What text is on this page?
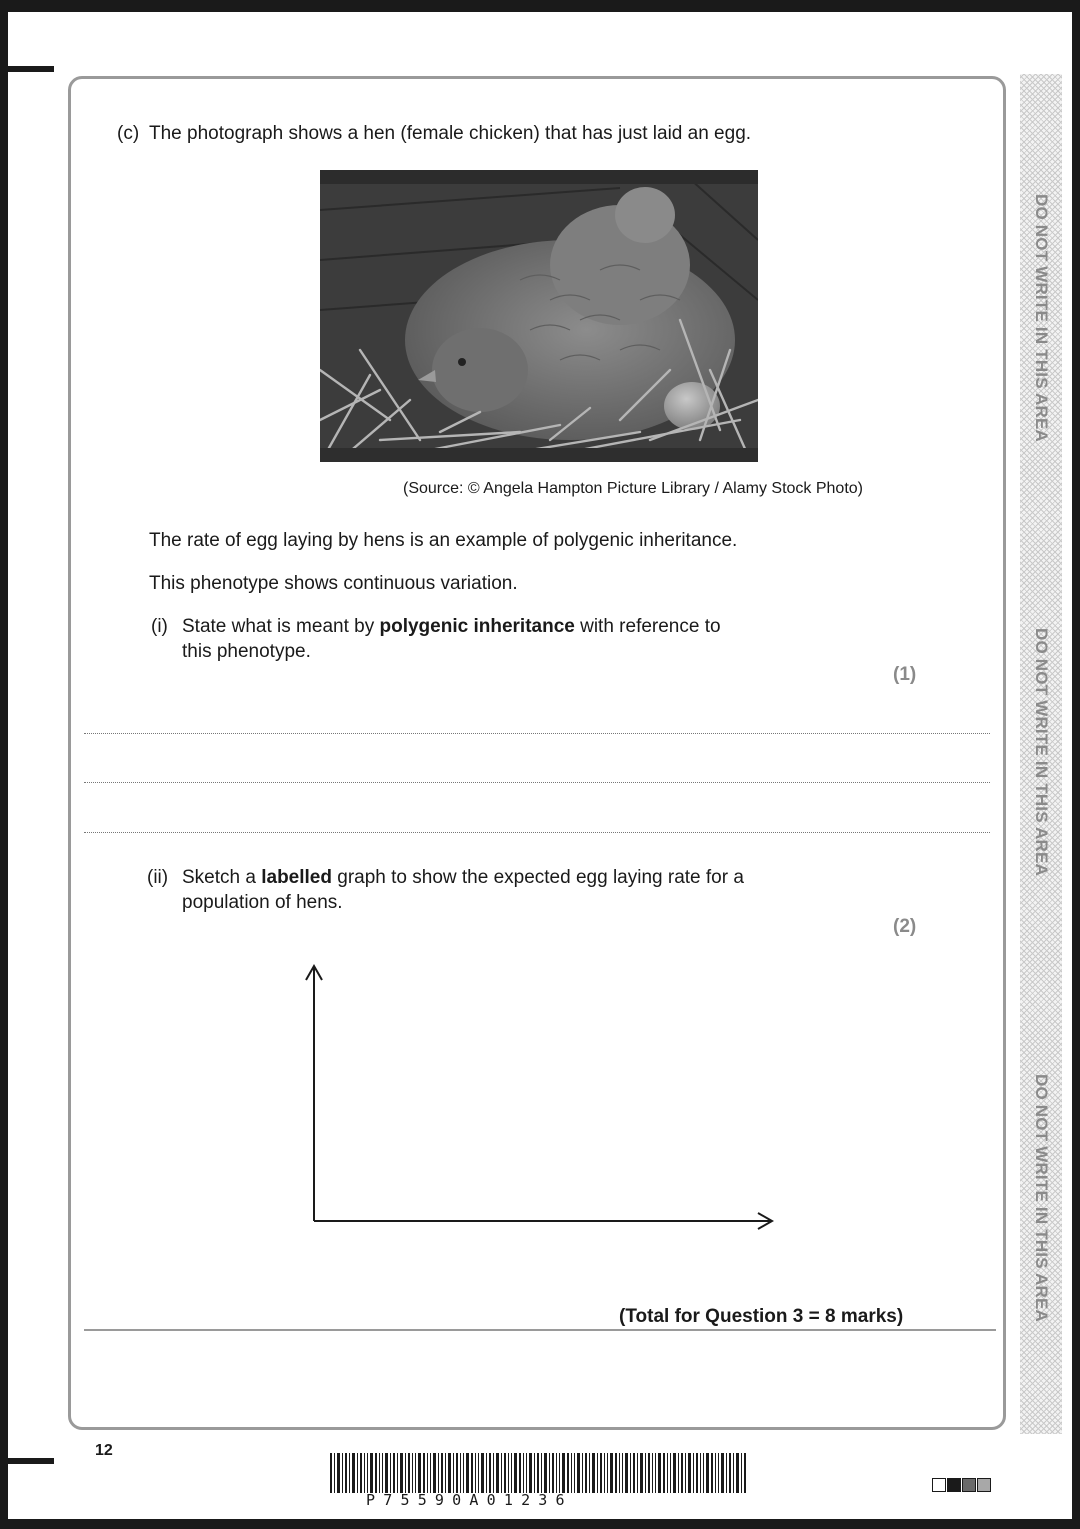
DO NOT WRITE IN THIS AREA
DO NOT WRITE IN THIS AREA
DO NOT WRITE IN THIS AREA
(c) The photograph shows a hen (female chicken) that has just laid an egg.
(Source: © Angela Hampton Picture Library / Alamy Stock Photo)
The rate of egg laying by hens is an example of polygenic inheritance.
This phenotype shows continuous variation.
(i) State what is meant by polygenic inheritance with reference to
this phenotype.
(1)
(ii) Sketch a labelled graph to show the expected egg laying rate for a
population of hens.
(2)
(Total for Question 3 = 8 marks)
12
P75590A01236
